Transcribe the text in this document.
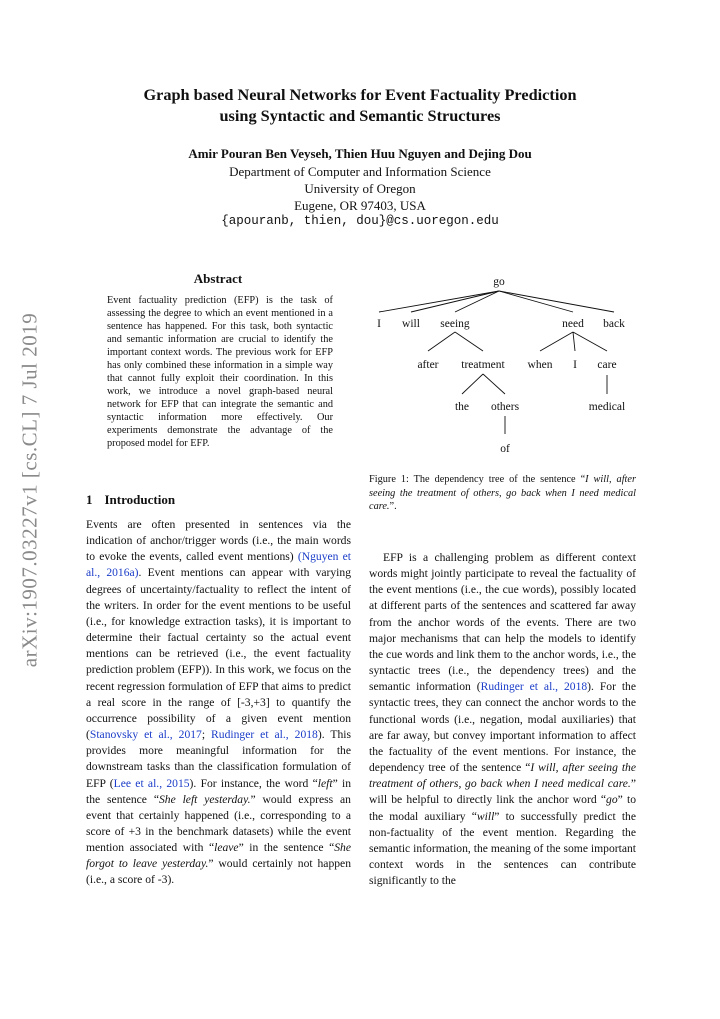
arXiv:1907.03227v1 [cs.CL] 7 Jul 2019
Graph based Neural Networks for Event Factuality Prediction
using Syntactic and Semantic Structures
Amir Pouran Ben Veyseh, Thien Huu Nguyen and Dejing Dou
Department of Computer and Information Science
University of Oregon
Eugene, OR 97403, USA
{apouranb, thien, dou}@cs.uoregon.edu
Abstract

Event factuality prediction (EFP) is the task of assessing the degree to which an event mentioned in a sentence has happened. For this task, both syntactic and semantic information are crucial to identify the important context words. The previous work for EFP has only combined these information in a simple way that cannot fully exploit their coordination. In this work, we introduce a novel graph-based neural network for EFP that can integrate the semantic and syntactic information more effectively. Our experiments demonstrate the advantage of the proposed model for EFP.

1 Introduction

Events are often presented in sentences via the indication of anchor/trigger words (i.e., the main words to evoke the events, called event mentions) (Nguyen et al., 2016a). Event mentions can appear with varying degrees of uncertainty/factuality to reflect the intent of the writers. In order for the event mentions to be useful (i.e., for knowledge extraction tasks), it is important to determine their factual certainty so the actual event mentions can be retrieved (i.e., the event factuality prediction problem (EFP)). In this work, we focus on the recent regression formulation of EFP that aims to predict a real score in the range of [-3,+3] to quantify the occurrence possibility of a given event mention (Stanovsky et al., 2017; Rudinger et al., 2018). This provides more meaningful information for the downstream tasks than the classification formulation of EFP (Lee et al., 2015). For instance, the word “left” in the sentence “She left yesterday.” would express an event that certainly happened (i.e., corresponding to a score of +3 in the benchmark datasets) while the event mention associated with “leave” in the sentence “She forgot to leave yesterday.” would certainly not happen (i.e., a score of -3).

go
I will seeing	need back
after treatment when I care
the others	medical
of

Figure 1: The dependency tree of the sentence “I will, after seeing the treatment of others, go back when I need medical care.”.

EFP is a challenging problem as different context words might jointly participate to reveal the factuality of the event mentions (i.e., the cue words), possibly located at different parts of the sentences and scattered far away from the anchor words of the events. There are two major mechanisms that can help the models to identify the cue words and link them to the anchor words, i.e., the syntactic trees (i.e., the dependency trees) and the semantic information (Rudinger et al., 2018). For the syntactic trees, they can connect the anchor words to the functional words (i.e., negation, modal auxiliaries) that are far away, but convey important information to affect the factuality of the event mentions. For instance, the dependency tree of the sentence “I will, after seeing the treatment of others, go back when I need medical care.” will be helpful to directly link the anchor word “go” to the modal auxiliary “will” to successfully predict the non-factuality of the event mention. Regarding the semantic information, the meaning of the some important context words in the sentences can contribute significantly to the
